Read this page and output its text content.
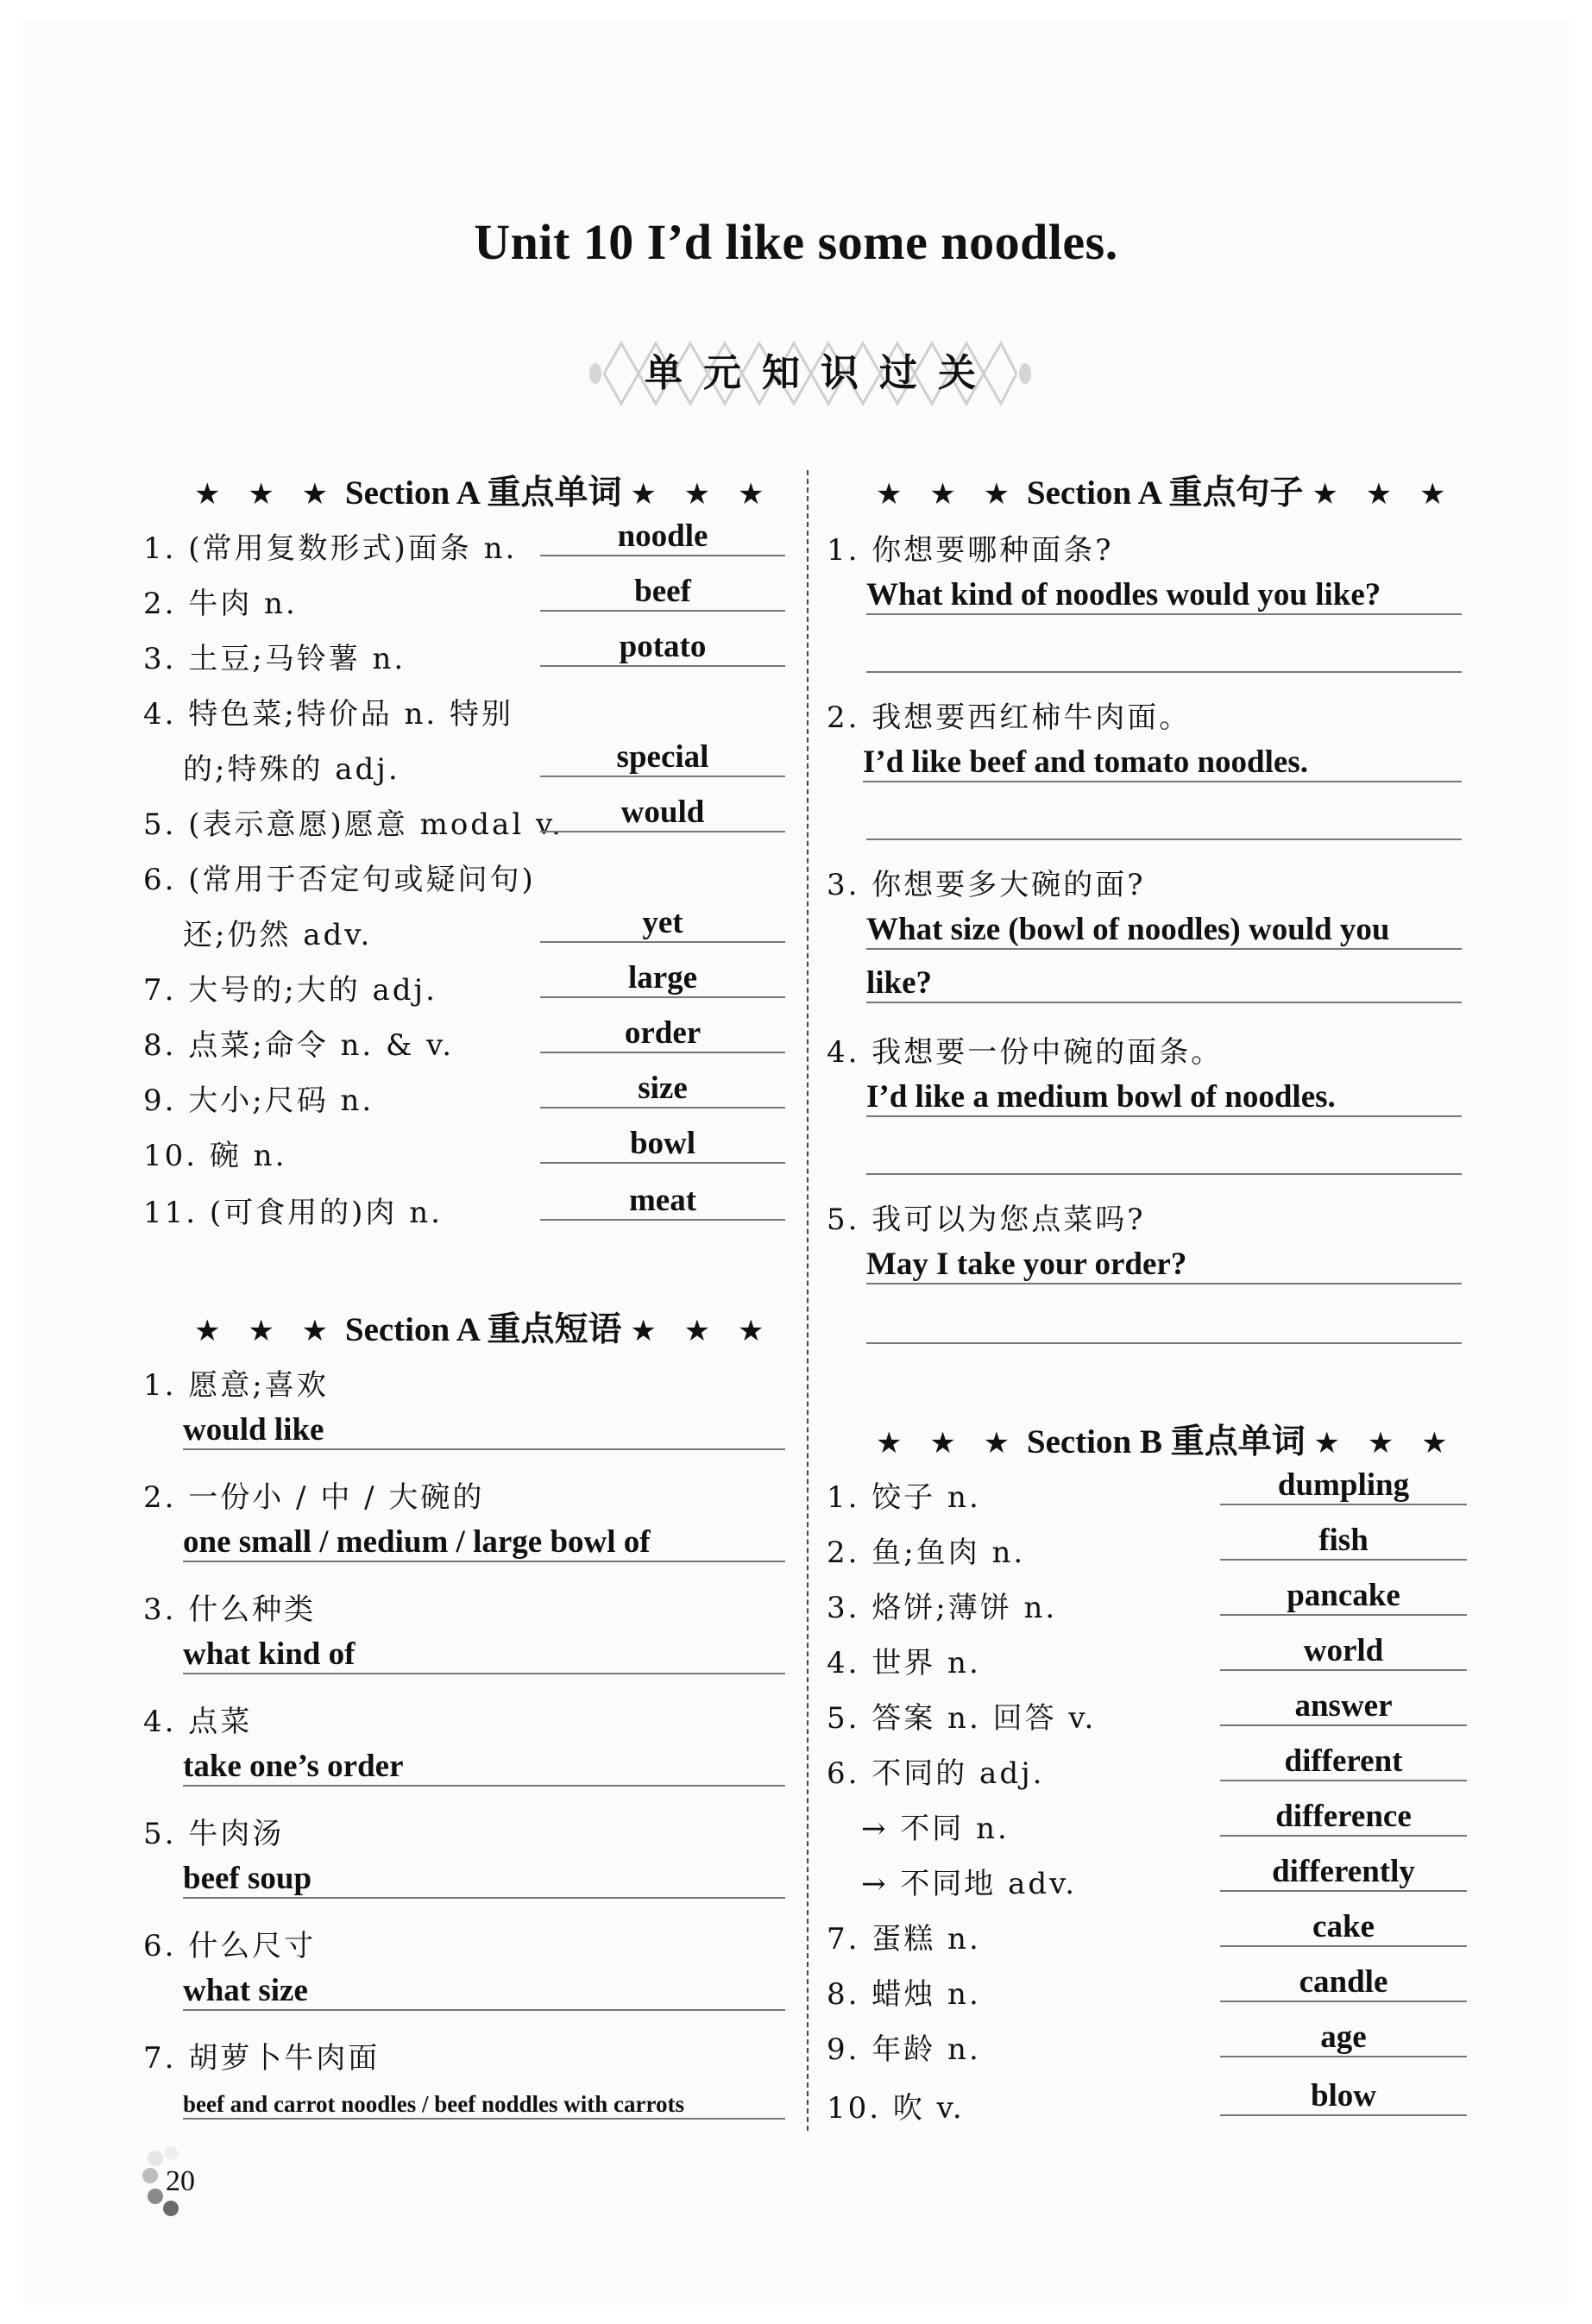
Unit 10 I’d like some noodles.
单元知识过关
★ ★ ★ Section A 重点单词 ★ ★ ★
1. (常用复数形式)面条 n.	noodle
2. 牛肉 n.	beef
3. 土豆;马铃薯 n.	potato
4. 特色菜;特价品 n. 特别
的;特殊的 adj.	special
5. (表示意愿)愿意 modal v.	would
6. (常用于否定句或疑问句)
还;仍然 adv.	yet
7. 大号的;大的 adj.	large
8. 点菜;命令 n. & v.	order
9. 大小;尺码 n.	size
10. 碗 n.	bowl
11. (可食用的)肉 n.	meat
★ ★ ★ Section A 重点短语 ★ ★ ★
1. 愿意;喜欢
would like
2. 一份小 / 中 / 大碗的
one small / medium / large bowl of
3. 什么种类
what kind of
4. 点菜
take one’s order
5. 牛肉汤
beef soup
6. 什么尺寸
what size
7. 胡萝卜牛肉面
beef and carrot noodles / beef noddles with carrots
★ ★ ★ Section A 重点句子 ★ ★ ★
1. 你想要哪种面条?
What kind of noodles would you like?
2. 我想要西红柿牛肉面。
I’d like beef and tomato noodles.
3. 你想要多大碗的面?
What size (bowl of noodles) would you
like?
4. 我想要一份中碗的面条。
I’d like a medium bowl of noodles.
5. 我可以为您点菜吗?
May I take your order?
★ ★ ★ Section B 重点单词 ★ ★ ★
1. 饺子 n.	dumpling
2. 鱼;鱼肉 n.	fish
3. 烙饼;薄饼 n.	pancake
4. 世界 n.	world
5. 答案 n. 回答 v.	answer
6. 不同的 adj.	different
→ 不同 n.	difference
→ 不同地 adv.	differently
7. 蛋糕 n.	cake
8. 蜡烛 n.	candle
9. 年龄 n.	age
10. 吹 v.	blow
20
